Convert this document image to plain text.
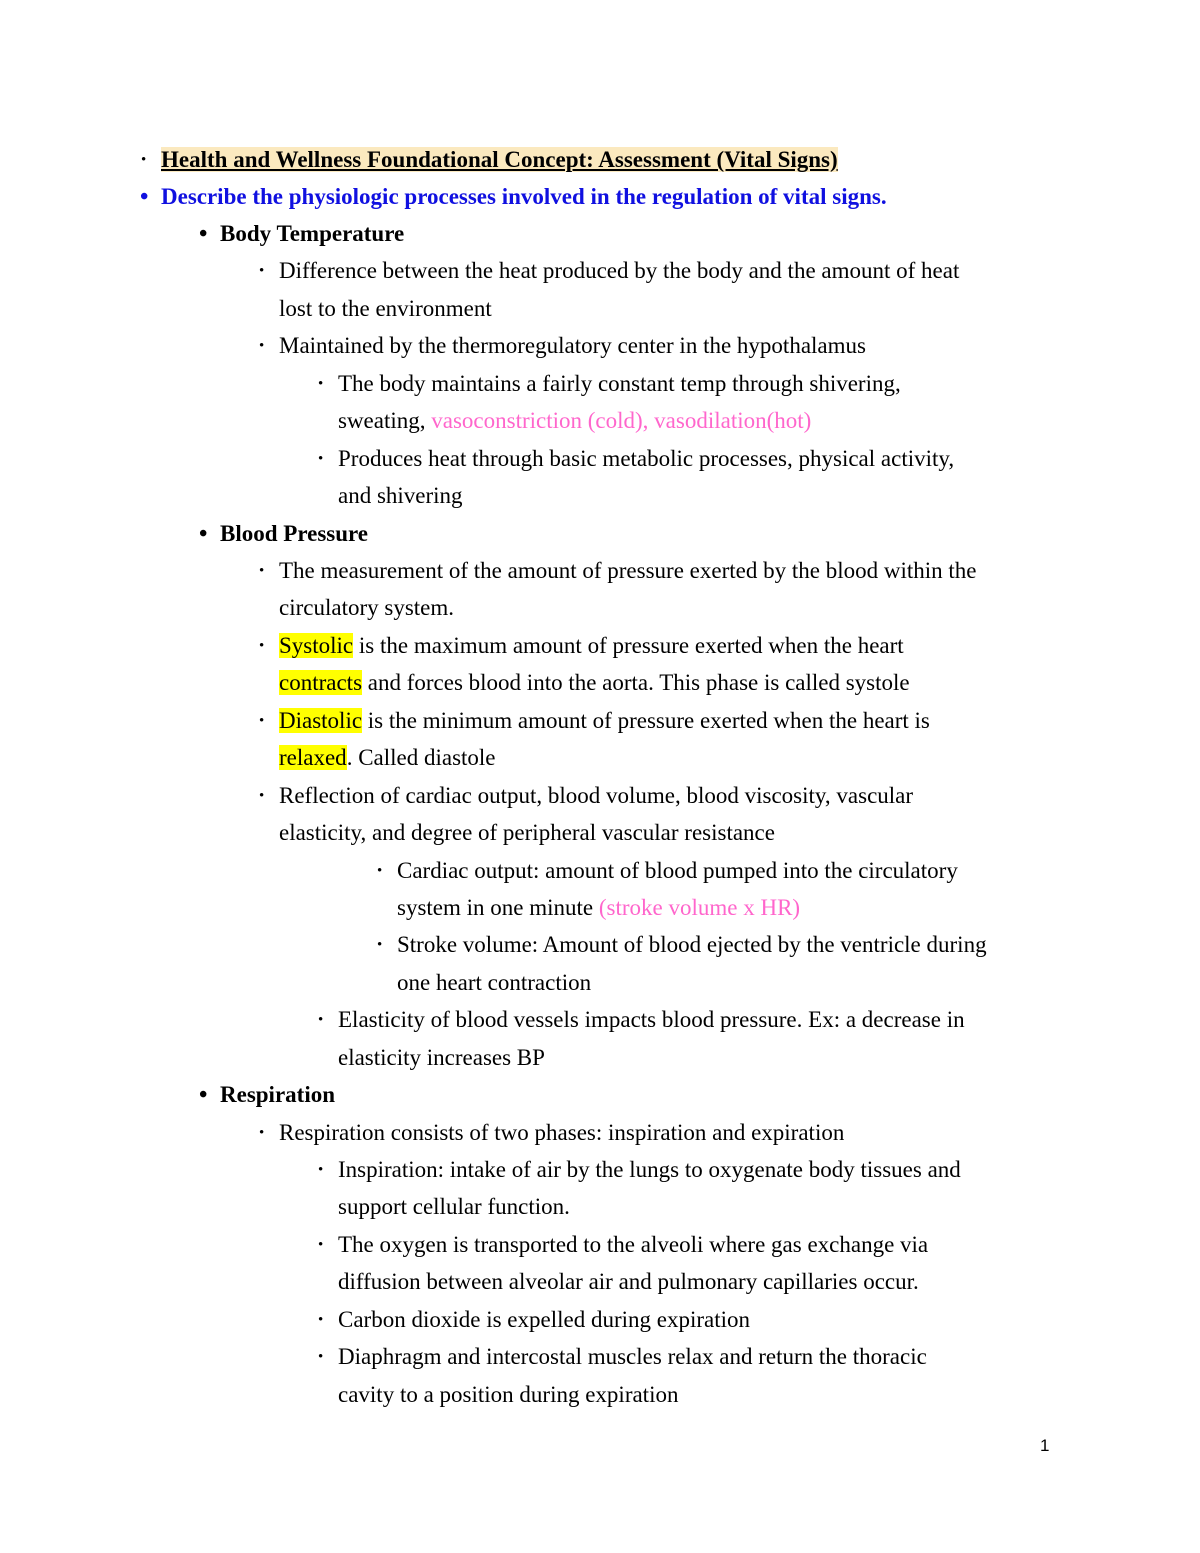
• Health and Wellness Foundational Concept: Assessment (Vital Signs)
• Describe the physiologic processes involved in the regulation of vital signs.
• Body Temperature
• Difference between the heat produced by the body and the amount of heat
lost to the environment
• Maintained by the thermoregulatory center in the hypothalamus
• The body maintains a fairly constant temp through shivering,
sweating, vasoconstriction (cold), vasodilation(hot)
• Produces heat through basic metabolic processes, physical activity,
and shivering
• Blood Pressure
• The measurement of the amount of pressure exerted by the blood within the
circulatory system.
• Systolic is the maximum amount of pressure exerted when the heart
contracts and forces blood into the aorta. This phase is called systole
• Diastolic is the minimum amount of pressure exerted when the heart is
relaxed. Called diastole
• Reflection of cardiac output, blood volume, blood viscosity, vascular
elasticity, and degree of peripheral vascular resistance
• Cardiac output: amount of blood pumped into the circulatory
system in one minute (stroke volume x HR)
• Stroke volume: Amount of blood ejected by the ventricle during
one heart contraction
• Elasticity of blood vessels impacts blood pressure. Ex: a decrease in
elasticity increases BP
• Respiration
• Respiration consists of two phases: inspiration and expiration
• Inspiration: intake of air by the lungs to oxygenate body tissues and
support cellular function.
• The oxygen is transported to the alveoli where gas exchange via
diffusion between alveolar air and pulmonary capillaries occur.
• Carbon dioxide is expelled during expiration
• Diaphragm and intercostal muscles relax and return the thoracic
cavity to a position during expiration
1
